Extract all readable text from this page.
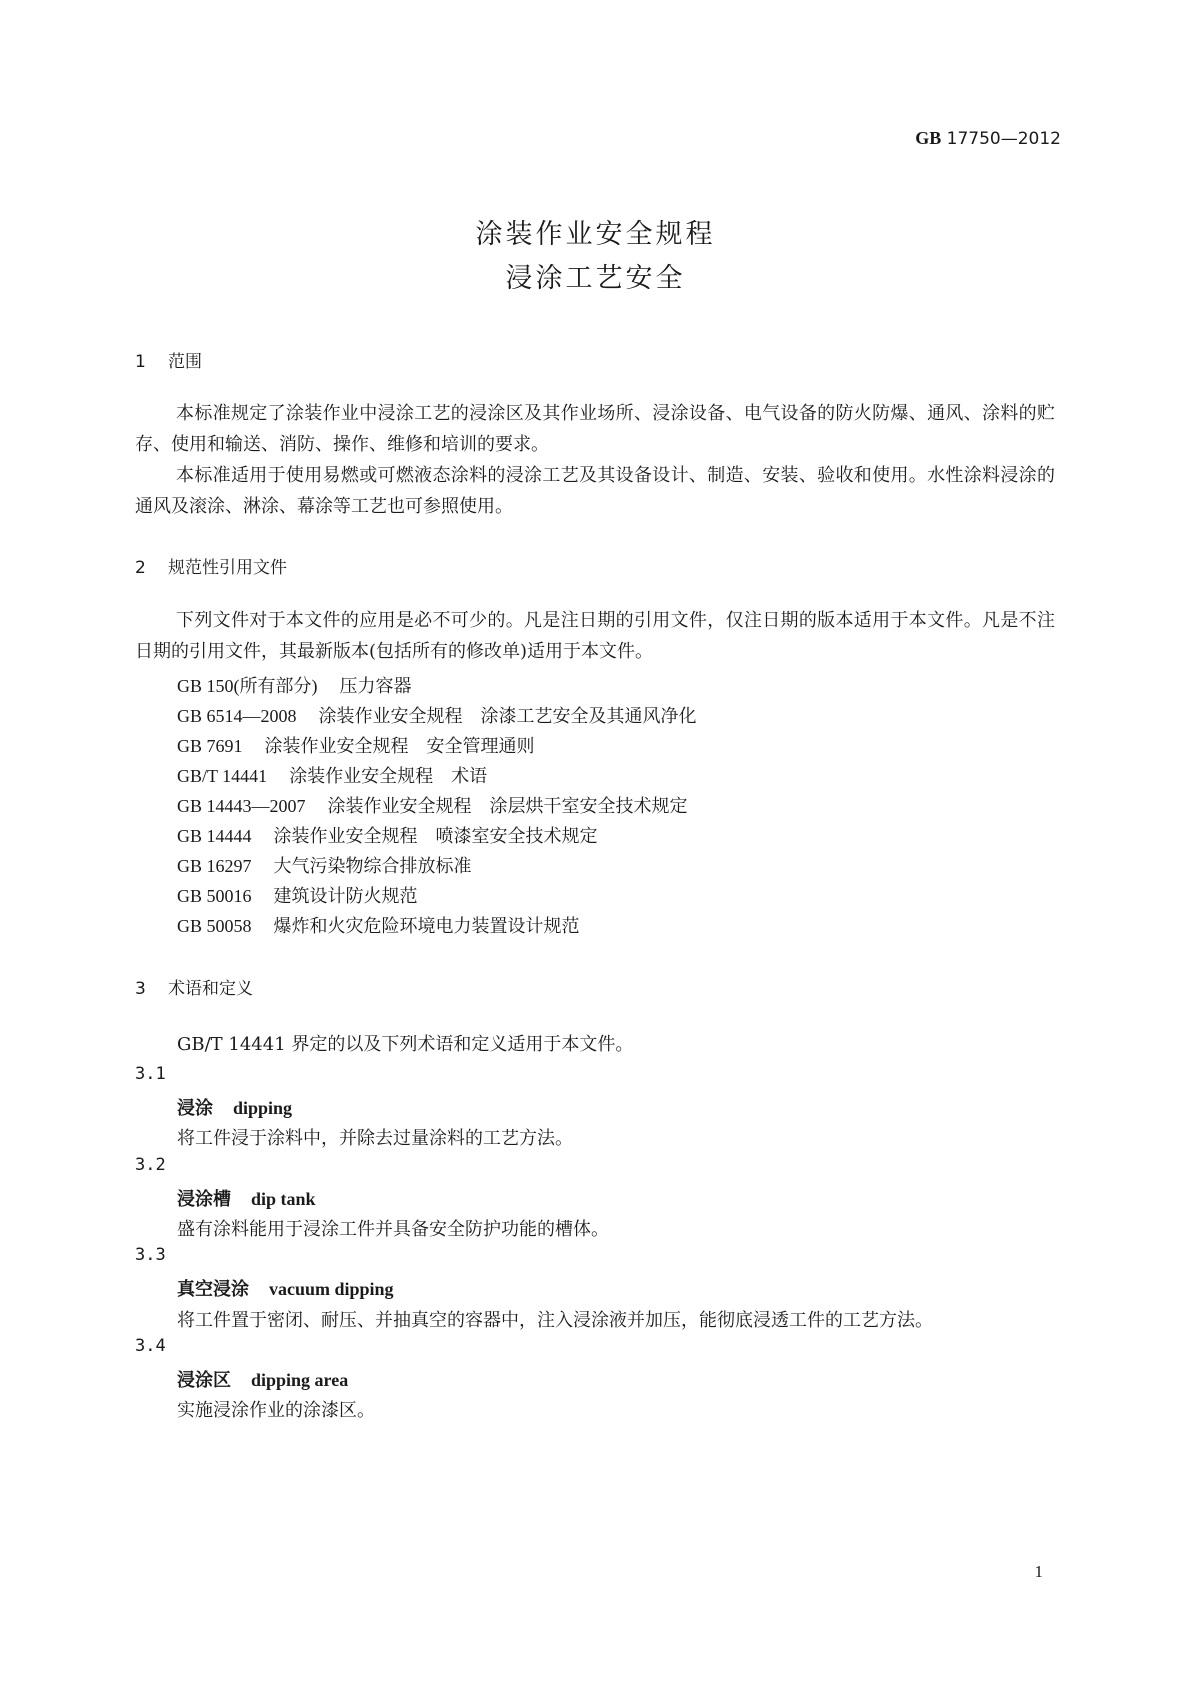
GB 17750—2012
涂装作业安全规程
浸涂工艺安全
1 范围

本标准规定了涂装作业中浸涂工艺的浸涂区及其作业场所、浸涂设备、电气设备的防火防爆、通风、涂料的贮存、使用和输送、消防、操作、维修和培训的要求。

本标准适用于使用易燃或可燃液态涂料的浸涂工艺及其设备设计、制造、安装、验收和使用。水性涂料浸涂的通风及滚涂、淋涂、幕涂等工艺也可参照使用。

2 规范性引用文件

下列文件对于本文件的应用是必不可少的。凡是注日期的引用文件，仅注日期的版本适用于本文件。凡是不注日期的引用文件，其最新版本(包括所有的修改单)适用于本文件。

GB 150(所有部分) 压力容器
GB 6514—2008 涂装作业安全规程　涂漆工艺安全及其通风净化
GB 7691 涂装作业安全规程　安全管理通则
GB/T 14441 涂装作业安全规程　术语
GB 14443—2007 涂装作业安全规程　涂层烘干室安全技术规定
GB 14444 涂装作业安全规程　喷漆室安全技术规定
GB 16297 大气污染物综合排放标准
GB 50016 建筑设计防火规范
GB 50058 爆炸和火灾危险环境电力装置设计规范
3 术语和定义
GB/T 14441 界定的以及下列术语和定义适用于本文件。
3.1
浸涂 dipping
将工件浸于涂料中，并除去过量涂料的工艺方法。
3.2
浸涂槽 dip tank
盛有涂料能用于浸涂工件并具备安全防护功能的槽体。
3.3
真空浸涂 vacuum dipping
将工件置于密闭、耐压、并抽真空的容器中，注入浸涂液并加压，能彻底浸透工件的工艺方法。
3.4
浸涂区 dipping area
实施浸涂作业的涂漆区。
1
